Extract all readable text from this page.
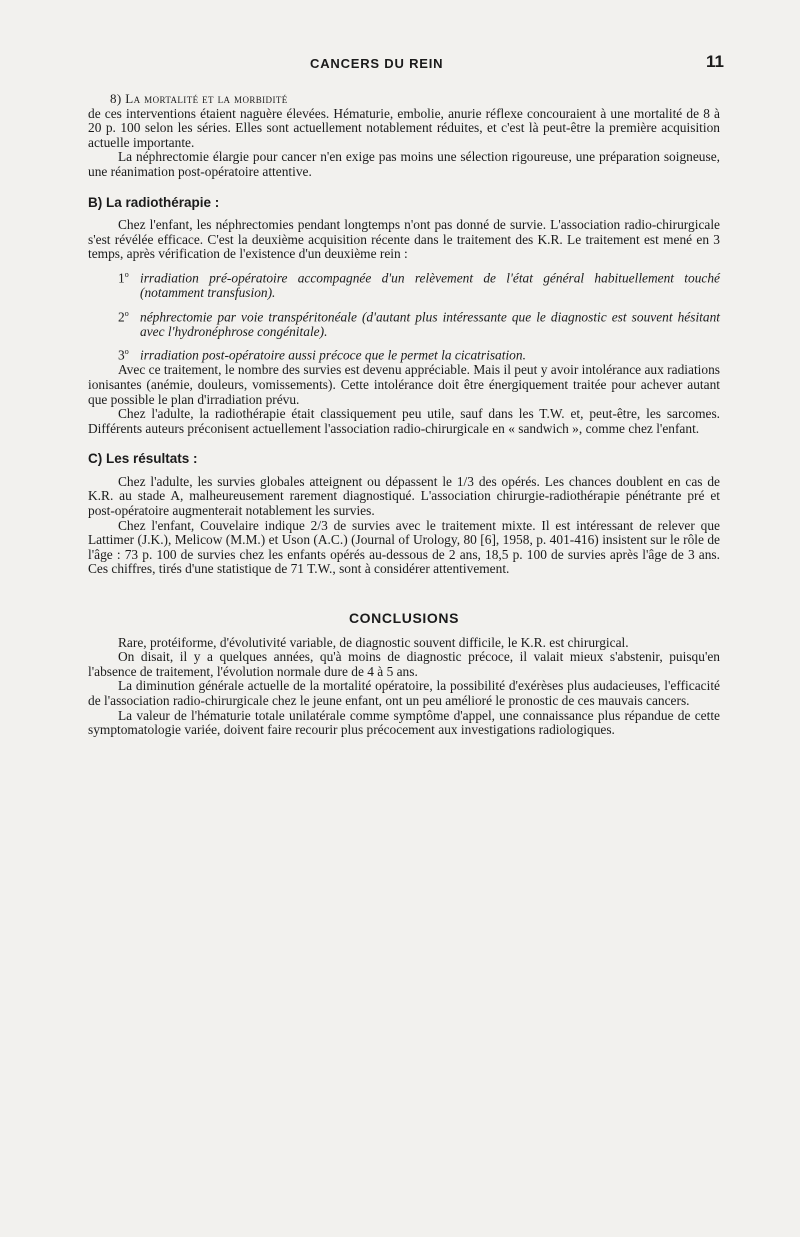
CANCERS DU REIN	11

8) La mortalité et la morbidité

de ces interventions étaient naguère élevées. Hématurie, embolie, anurie réflexe concouraient à une mortalité de 8 à 20 p. 100 selon les séries. Elles sont actuellement notablement réduites, et c'est là peut-être la première acquisition actuelle importante.

La néphrectomie élargie pour cancer n'en exige pas moins une sélection rigoureuse, une préparation soigneuse, une réanimation post-opératoire attentive.

B) La radiothérapie :

Chez l'enfant, les néphrectomies pendant longtemps n'ont pas donné de survie. L'association radio-chirurgicale s'est révélée efficace. C'est la deuxième acquisition récente dans le traitement des K.R. Le traitement est mené en 3 temps, après vérification de l'existence d'un deuxième rein :

1$^o$ irradiation pré-opératoire accompagnée d'un relèvement de l'état général habituellement touché (notamment transfusion).

2$^o$ néphrectomie par voie transpéritonéale (d'autant plus intéressante que le diagnostic est souvent hésitant avec l'hydronéphrose congénitale).

3$^o$ irradiation post-opératoire aussi précoce que le permet la cicatrisation.

Avec ce traitement, le nombre des survies est devenu appréciable. Mais il peut y avoir intolérance aux radiations ionisantes (anémie, douleurs, vomissements). Cette intolérance doit être énergiquement traitée pour achever autant que possible le plan d'irradiation prévu.

Chez l'adulte, la radiothérapie était classiquement peu utile, sauf dans les T.W. et, peut-être, les sarcomes. Différents auteurs préconisent actuellement l'association radio-chirurgicale en « sandwich », comme chez l'enfant.

C) Les résultats :

Chez l'adulte, les survies globales atteignent ou dépassent le 1/3 des opérés. Les chances doublent en cas de K.R. au stade A, malheureusement rarement diagnostiqué. L'association chirurgie-radiothérapie pénétrante pré et post-opératoire augmenterait notablement les survies.

Chez l'enfant, Couvelaire indique 2/3 de survies avec le traitement mixte. Il est intéressant de relever que Lattimer (J.K.), Melicow (M.M.) et Uson (A.C.) (Journal of Urology, 80 [6], 1958, p. 401-416) insistent sur le rôle de l'âge : 73 p. 100 de survies chez les enfants opérés au-dessous de 2 ans, 18,5 p. 100 de survies après l'âge de 3 ans. Ces chiffres, tirés d'une statistique de 71 T.W., sont à considérer attentivement.

CONCLUSIONS

Rare, protéiforme, d'évolutivité variable, de diagnostic souvent difficile, le K.R. est chirurgical.

On disait, il y a quelques années, qu'à moins de diagnostic précoce, il valait mieux s'abstenir, puisqu'en l'absence de traitement, l'évolution normale dure de 4 à 5 ans.

La diminution générale actuelle de la mortalité opératoire, la possibilité d'exérèses plus audacieuses, l'efficacité de l'association radio-chirurgicale chez le jeune enfant, ont un peu amélioré le pronostic de ces mauvais cancers.

La valeur de l'hématurie totale unilatérale comme symptôme d'appel, une connaissance plus répandue de cette symptomatologie variée, doivent faire recourir plus précocement aux investigations radiologiques.
